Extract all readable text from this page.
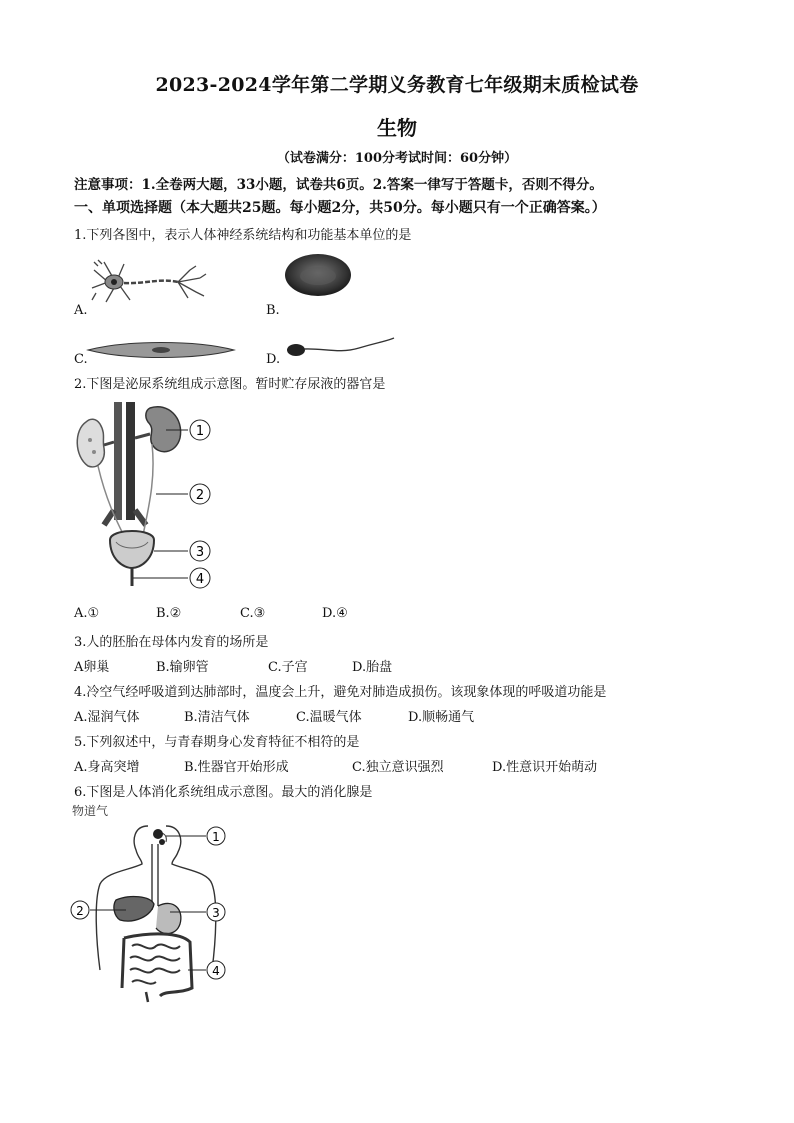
2023-2024学年第二学期义务教育七年级期末质检试卷
生物
（试卷满分：100分考试时间：60分钟）
注意事项：1.全卷两大题，33小题，试卷共6页。2.答案一律写于答题卡，否则不得分。
一、单项选择题（本大题共25题。每小题2分，共50分。每小题只有一个正确答案。）
1.下列各图中，表示人体神经系统结构和功能基本单位的是
A.	B.
C.	D.
2.下图是泌尿系统组成示意图。暂时贮存尿液的器官是
1
2
3
4
A.①	B.②	C.③	D.④
3.人的胚胎在母体内发育的场所是
A卵巢	B.输卵管	C.子宫	D.胎盘
4.冷空气经呼吸道到达肺部时，温度会上升，避免对肺造成损伤。该现象体现的呼吸道功能是
A.湿润气体	B.清洁气体	C.温暖气体	D.顺畅通气
5.下列叙述中，与青春期身心发育特征不相符的是
A.身高突增	B.性器官开始形成	C.独立意识强烈	D.性意识开始萌动
6.下图是人体消化系统组成示意图。最大的消化腺是
物道气
1
2	3
4
